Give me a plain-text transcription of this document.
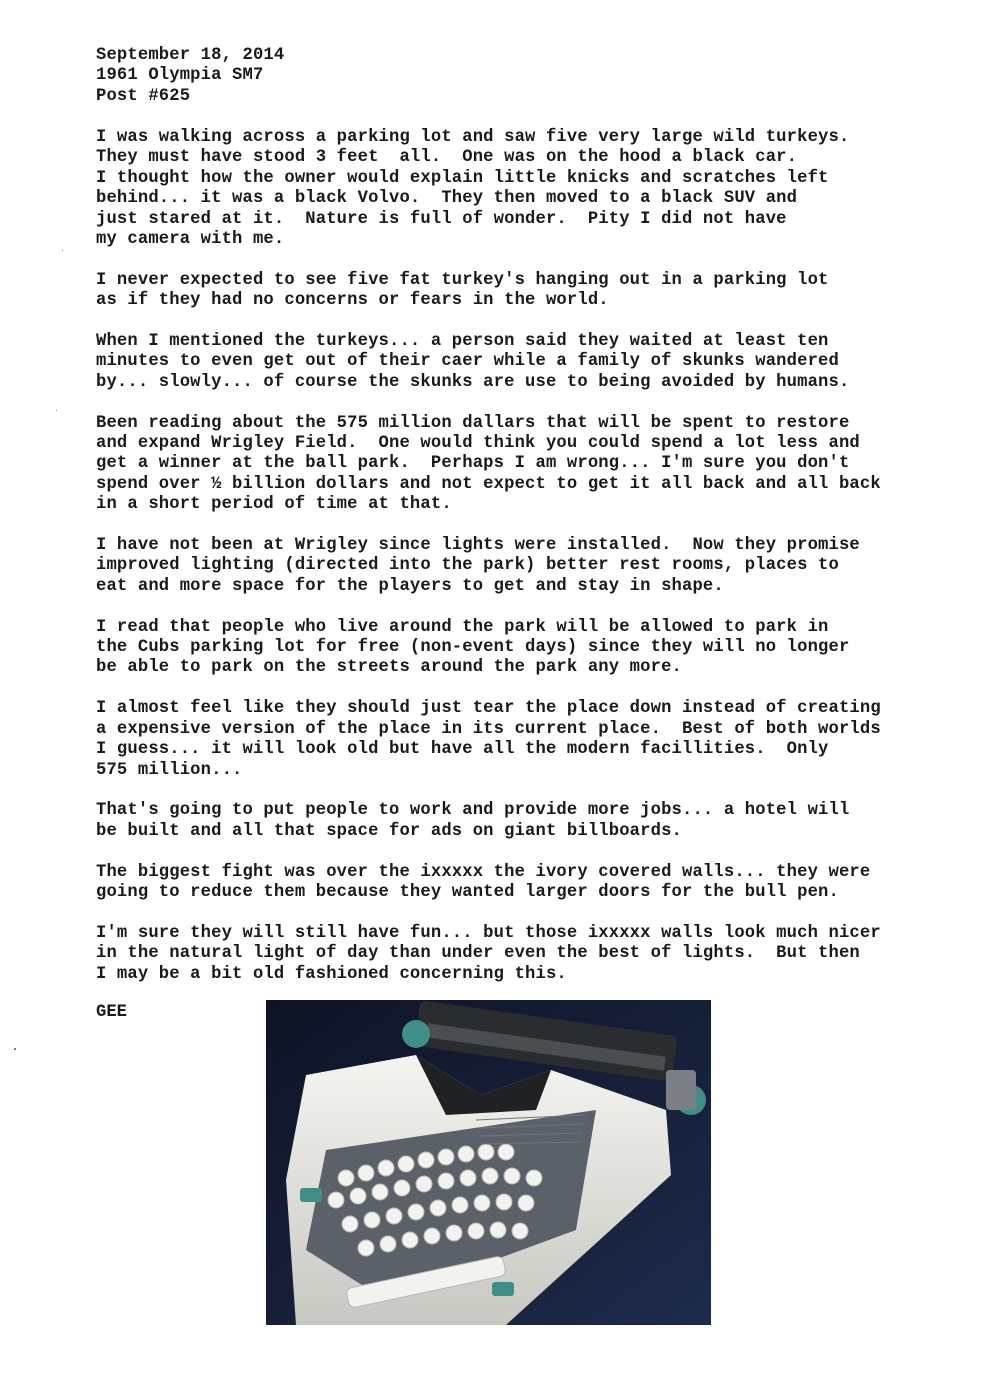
September 18, 2014
1961 Olympia SM7
Post #625
I was walking across a parking lot and saw five very large wild turkeys.
They must have stood 3 feet  all.  One was on the hood a black car.
I thought how the owner would explain little knicks and scratches left
behind... it was a black Volvo.  They then moved to a black SUV and
just stared at it.  Nature is full of wonder.  Pity I did not have
my camera with me.
I never expected to see five fat turkey's hanging out in a parking lot
as if they had no concerns or fears in the world.
When I mentioned the turkeys... a person said they waited at least ten
minutes to even get out of their caer while a family of skunks wandered
by... slowly... of course the skunks are use to being avoided by humans.
Been reading about the 575 million dallars that will be spent to restore
and expand Wrigley Field.  One would think you could spend a lot less and
get a winner at the ball park.  Perhaps I am wrong... I'm sure you don't
spend over ½ billion dollars and not expect to get it all back and all back
in a short period of time at that.
I have not been at Wrigley since lights were installed.  Now they promise
improved lighting (directed into the park) better rest rooms, places to
eat and more space for the players to get and stay in shape.
I read that people who live around the park will be allowed to park in
the Cubs parking lot for free (non-event days) since they will no longer
be able to park on the streets around the park any more.
I almost feel like they should just tear the place down instead of creating
a expensive version of the place in its current place.  Best of both worlds
I guess... it will look old but have all the modern facillities.  Only
575 million...
That's going to put people to work and provide more jobs... a hotel will
be built and all that space for ads on giant billboards.
The biggest fight was over the ixxxxx the ivory covered walls... they were
going to reduce them because they wanted larger doors for the bull pen.
I'm sure they will still have fun... but those ixxxxx walls look much nicer
in the natural light of day than under even the best of lights.  But then
I may be a bit old fashioned concerning this.
GEE
